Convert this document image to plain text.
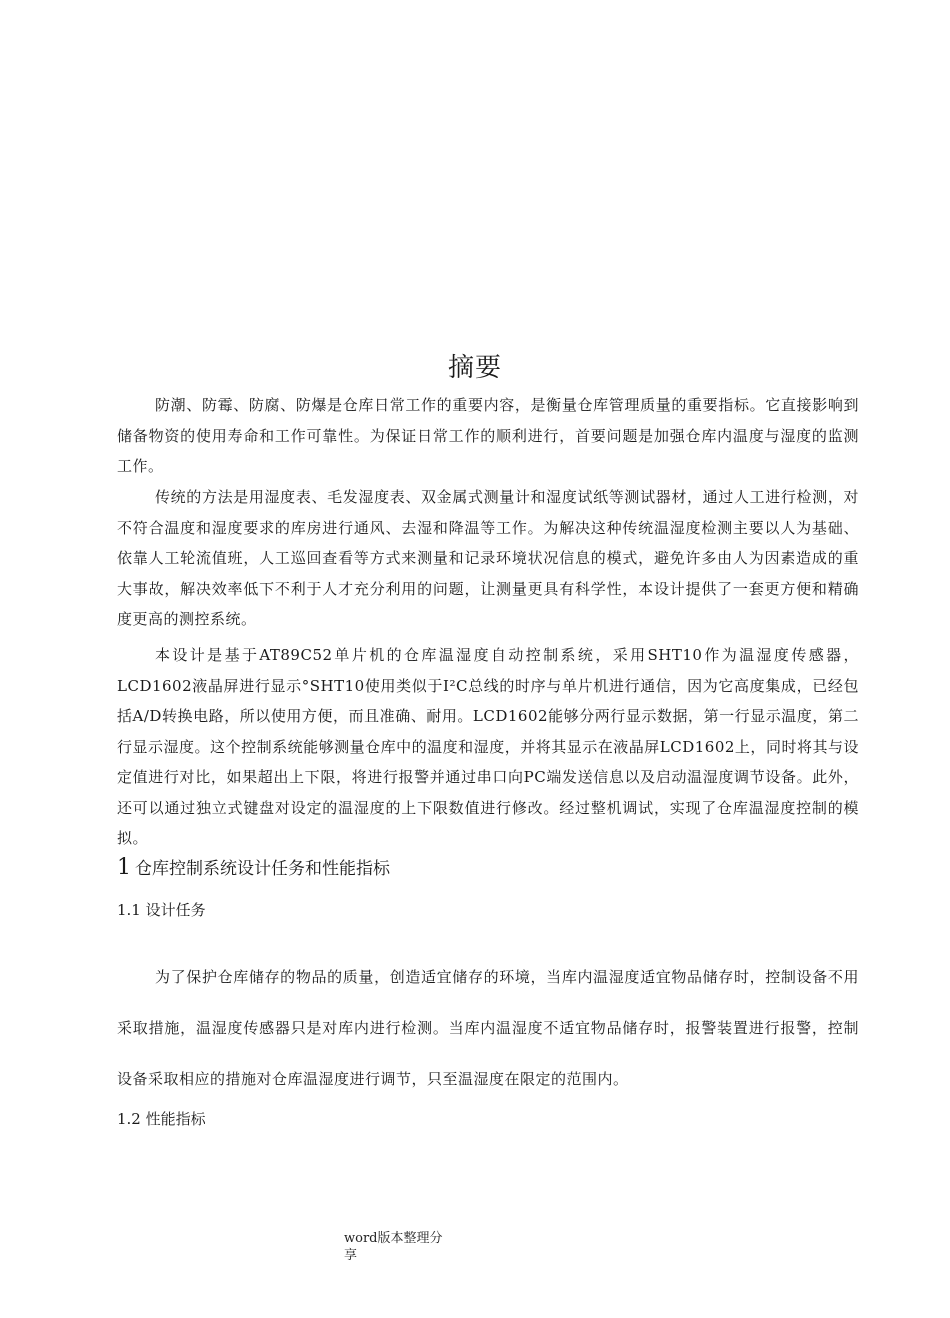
摘要

防潮、防霉、防腐、防爆是仓库日常工作的重要内容，是衡量仓库管理质量的重要指标。它直接影响到储备物资的使用寿命和工作可靠性。为保证日常工作的顺利进行，首要问题是加强仓库内温度与湿度的监测工作。

传统的方法是用湿度表、毛发湿度表、双金属式测量计和湿度试纸等测试器材，通过人工进行检测，对不符合温度和湿度要求的库房进行通风、去湿和降温等工作。为解决这种传统温湿度检测主要以人为基础、依靠人工轮流值班，人工巡回查看等方式来测量和记录环境状况信息的模式，避免许多由人为因素造成的重大事故，解决效率低下不利于人才充分利用的问题，让测量更具有科学性，本设计提供了一套更方便和精确度更高的测控系统。

本设计是基于AT89C52单片机的仓库温湿度自动控制系统，采用SHT10作为温湿度传感器，LCD1602液晶屏进行显示°SHT10使用类似于I²C总线的时序与单片机进行通信，因为它高度集成，已经包括A/D转换电路，所以使用方便，而且准确、耐用。LCD1602能够分两行显示数据，第一行显示温度，第二行显示湿度。这个控制系统能够测量仓库中的温度和湿度，并将其显示在液晶屏LCD1602上，同时将其与设定值进行对比，如果超出上下限，将进行报警并通过串口向PC端发送信息以及启动温湿度调节设备。此外，还可以通过独立式键盘对设定的温湿度的上下限数值进行修改。经过整机调试，实现了仓库温湿度控制的模拟。

1 仓库控制系统设计任务和性能指标
1.1 设计任务

为了保护仓库储存的物品的质量，创造适宜储存的环境，当库内温湿度适宜物品储存时，控制设备不用采取措施，温湿度传感器只是对库内进行检测。当库内温湿度不适宜物品储存时，报警装置进行报警，控制设备采取相应的措施对仓库温湿度进行调节，只至温湿度在限定的范围内。

1.2 性能指标
word版本整理分
享
